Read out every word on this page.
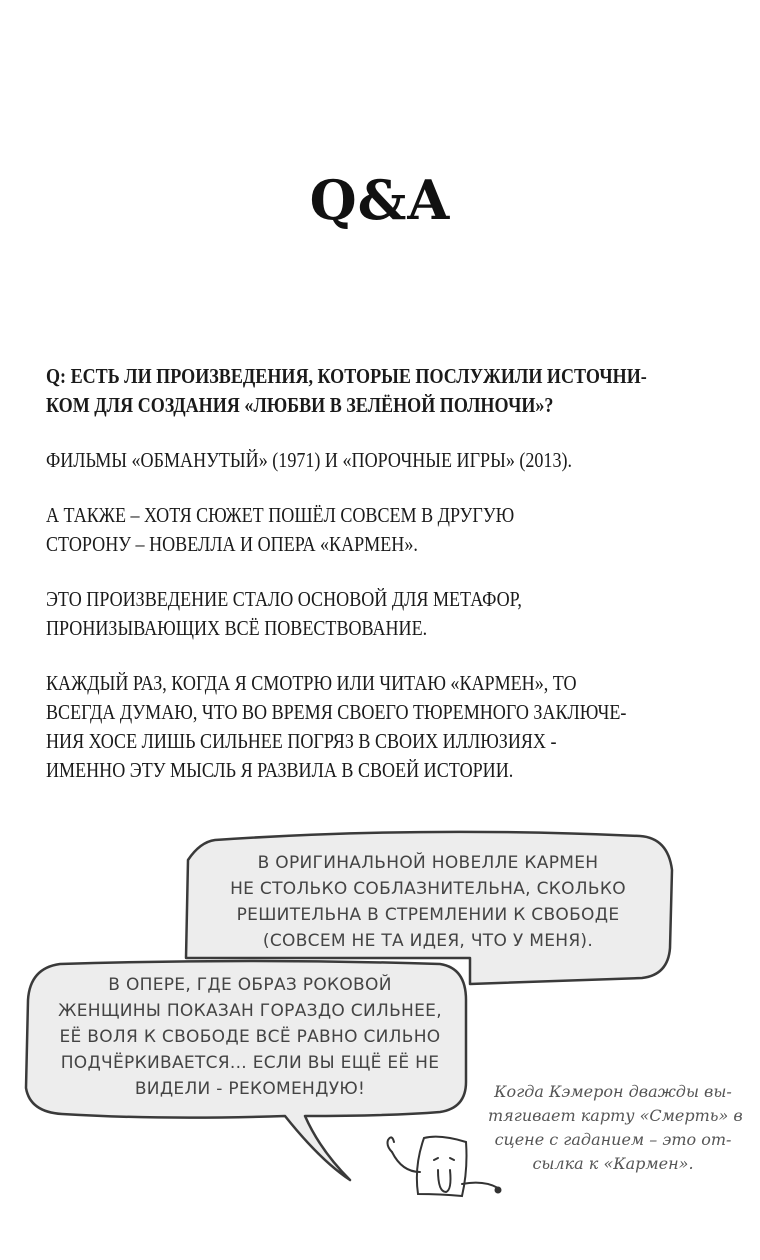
Q&A
Q: ЕСТЬ ЛИ ПРОИЗВЕДЕНИЯ, КОТОРЫЕ ПОСЛУЖИЛИ ИСТОЧНИ-
КОМ ДЛЯ СОЗДАНИЯ «ЛЮБВИ В ЗЕЛЁНОЙ ПОЛНОЧИ»?

ФИЛЬМЫ «ОБМАНУТЫЙ» (1971) И «ПОРОЧНЫЕ ИГРЫ» (2013).

А ТАКЖЕ – ХОТЯ СЮЖЕТ ПОШЁЛ СОВСЕМ В ДРУГУЮ
СТОРОНУ – НОВЕЛЛА И ОПЕРА «КАРМЕН».

ЭТО ПРОИЗВЕДЕНИЕ СТАЛО ОСНОВОЙ ДЛЯ МЕТАФОР,
ПРОНИЗЫВАЮЩИХ ВСЁ ПОВЕСТВОВАНИЕ.

КАЖДЫЙ РАЗ, КОГДА Я СМОТРЮ ИЛИ ЧИТАЮ «КАРМЕН», ТО
ВСЕГДА ДУМАЮ, ЧТО ВО ВРЕМЯ СВОЕГО ТЮРЕМНОГО ЗАКЛЮЧЕ-
НИЯ ХОСЕ ЛИШЬ СИЛЬНЕЕ ПОГРЯЗ В СВОИХ ИЛЛЮЗИЯХ -
ИМЕННО ЭТУ МЫСЛЬ Я РАЗВИЛА В СВОЕЙ ИСТОРИИ.

В ОРИГИНАЛЬНОЙ НОВЕЛЛЕ КАРМЕН
НЕ СТОЛЬКО СОБЛАЗНИТЕЛЬНА, СКОЛЬКО
РЕШИТЕЛЬНА В СТРЕМЛЕНИИ К СВОБОДЕ
(СОВСЕМ НЕ ТА ИДЕЯ, ЧТО У МЕНЯ).
В ОПЕРЕ, ГДЕ ОБРАЗ РОКОВОЙ
ЖЕНЩИНЫ ПОКАЗАН ГОРАЗДО СИЛЬНЕЕ,
ЕЁ ВОЛЯ К СВОБОДЕ ВСЁ РАВНО СИЛЬНО
ПОДЧЁРКИВАЕТСЯ... ЕСЛИ ВЫ ЕЩЁ ЕЁ НЕ
ВИДЕЛИ - РЕКОМЕНДУЮ!	Когда Кэмерон дважды вы-
тягивает карту «Смерть» в
сцене с гаданием – это от-
сылка к «Кармен».
